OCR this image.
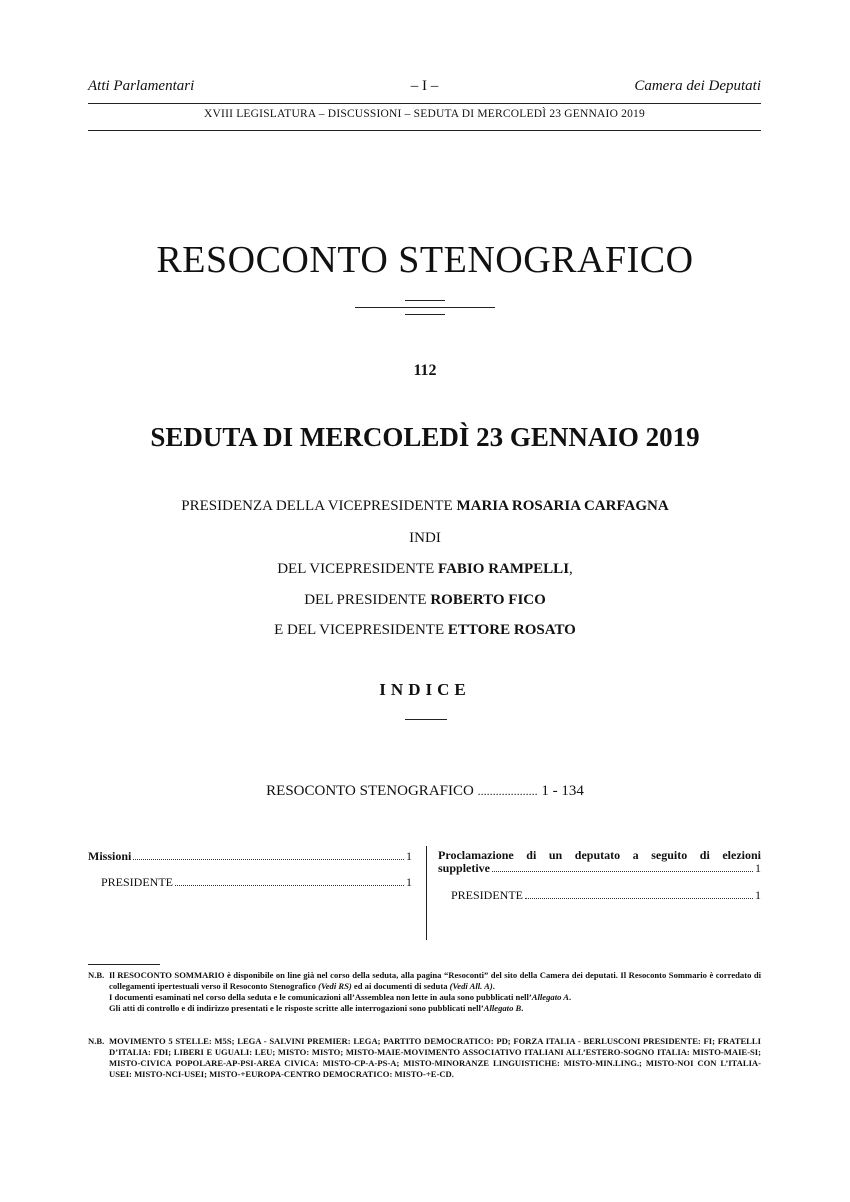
Atti Parlamentari	– I –	Camera dei Deputati
XVIII LEGISLATURA – DISCUSSIONI – SEDUTA DI MERCOLEDÌ 23 GENNAIO 2019
RESOCONTO STENOGRAFICO
112
SEDUTA DI MERCOLEDÌ 23 GENNAIO 2019
PRESIDENZA DELLA VICEPRESIDENTE MARIA ROSARIA CARFAGNA
INDI
DEL VICEPRESIDENTE FABIO RAMPELLI,
DEL PRESIDENTE ROBERTO FICO
E DEL VICEPRESIDENTE ETTORE ROSATO
INDICE
RESOCONTO STENOGRAFICO .................... 1 - 134
Missioni	1
PRESIDENTE	1
Proclamazione di un deputato a seguito di elezioni
suppletive	1
PRESIDENTE	1
N.B. Il RESOCONTO SOMMARIO è disponibile on line già nel corso della seduta, alla pagina “Resoconti” del sito della Camera dei deputati. Il Resoconto Sommario è corredato di collegamenti ipertestuali verso il Resoconto Stenografico (Vedi RS) ed ai documenti di seduta (Vedi All. A).
I documenti esaminati nel corso della seduta e le comunicazioni all’Assemblea non lette in aula sono pubblicati nell’Allegato A.
Gli atti di controllo e di indirizzo presentati e le risposte scritte alle interrogazioni sono pubblicati nell’Allegato B.
N.B. MOVIMENTO 5 STELLE: M5S; LEGA - SALVINI PREMIER: LEGA; PARTITO DEMOCRATICO: PD; FORZA ITALIA - BERLUSCONI PRESIDENTE: FI; FRATELLI D’ITALIA: FDI; LIBERI E UGUALI: LEU; MISTO: MISTO; MISTO-MAIE-MOVIMENTO ASSOCIATIVO ITALIANI ALL’ESTERO-SOGNO ITALIA: MISTO-MAIE-SI; MISTO-CIVICA POPOLARE-AP-PSI-AREA CIVICA: MISTO-CP-A-PS-A; MISTO-MINORANZE LINGUISTICHE: MISTO-MIN.LING.; MISTO-NOI CON L’ITALIA-USEI: MISTO-NCI-USEI; MISTO-+EUROPA-CENTRO DEMOCRATICO: MISTO-+E-CD.
